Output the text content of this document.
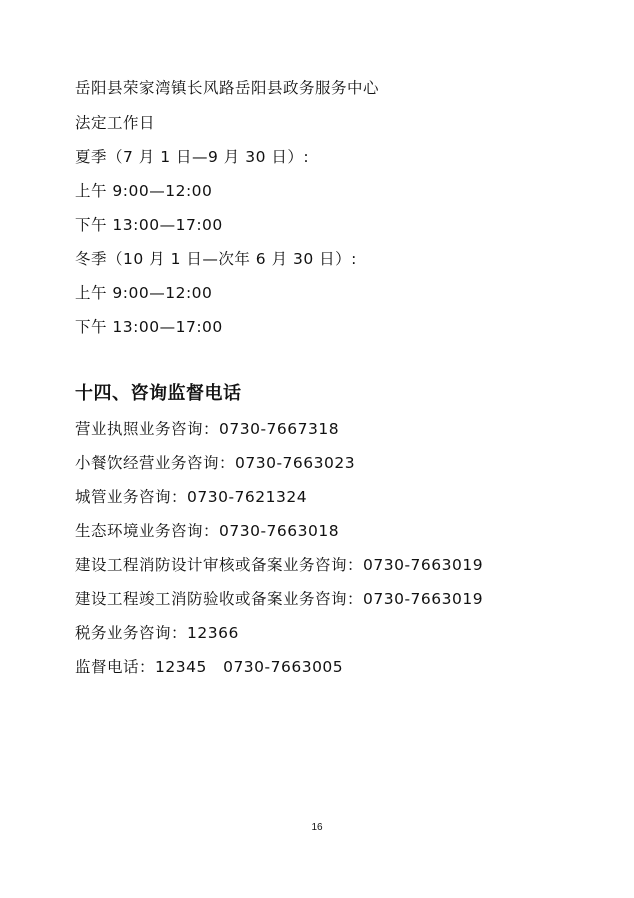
岳阳县荣家湾镇长风路岳阳县政务服务中心
法定工作日
夏季（7 月 1 日—9 月 30 日）:
上午 9:00—12:00
下午 13:00—17:00
冬季（10 月 1 日—次年 6 月 30 日）:
上午 9:00—12:00
下午 13:00—17:00
十四、咨询监督电话
营业执照业务咨询：0730-7667318
小餐饮经营业务咨询：0730-7663023
城管业务咨询：0730-7621324
生态环境业务咨询：0730-7663018
建设工程消防设计审核或备案业务咨询：0730-7663019
建设工程竣工消防验收或备案业务咨询：0730-7663019
税务业务咨询：12366
监督电话：12345   0730-7663005
16
